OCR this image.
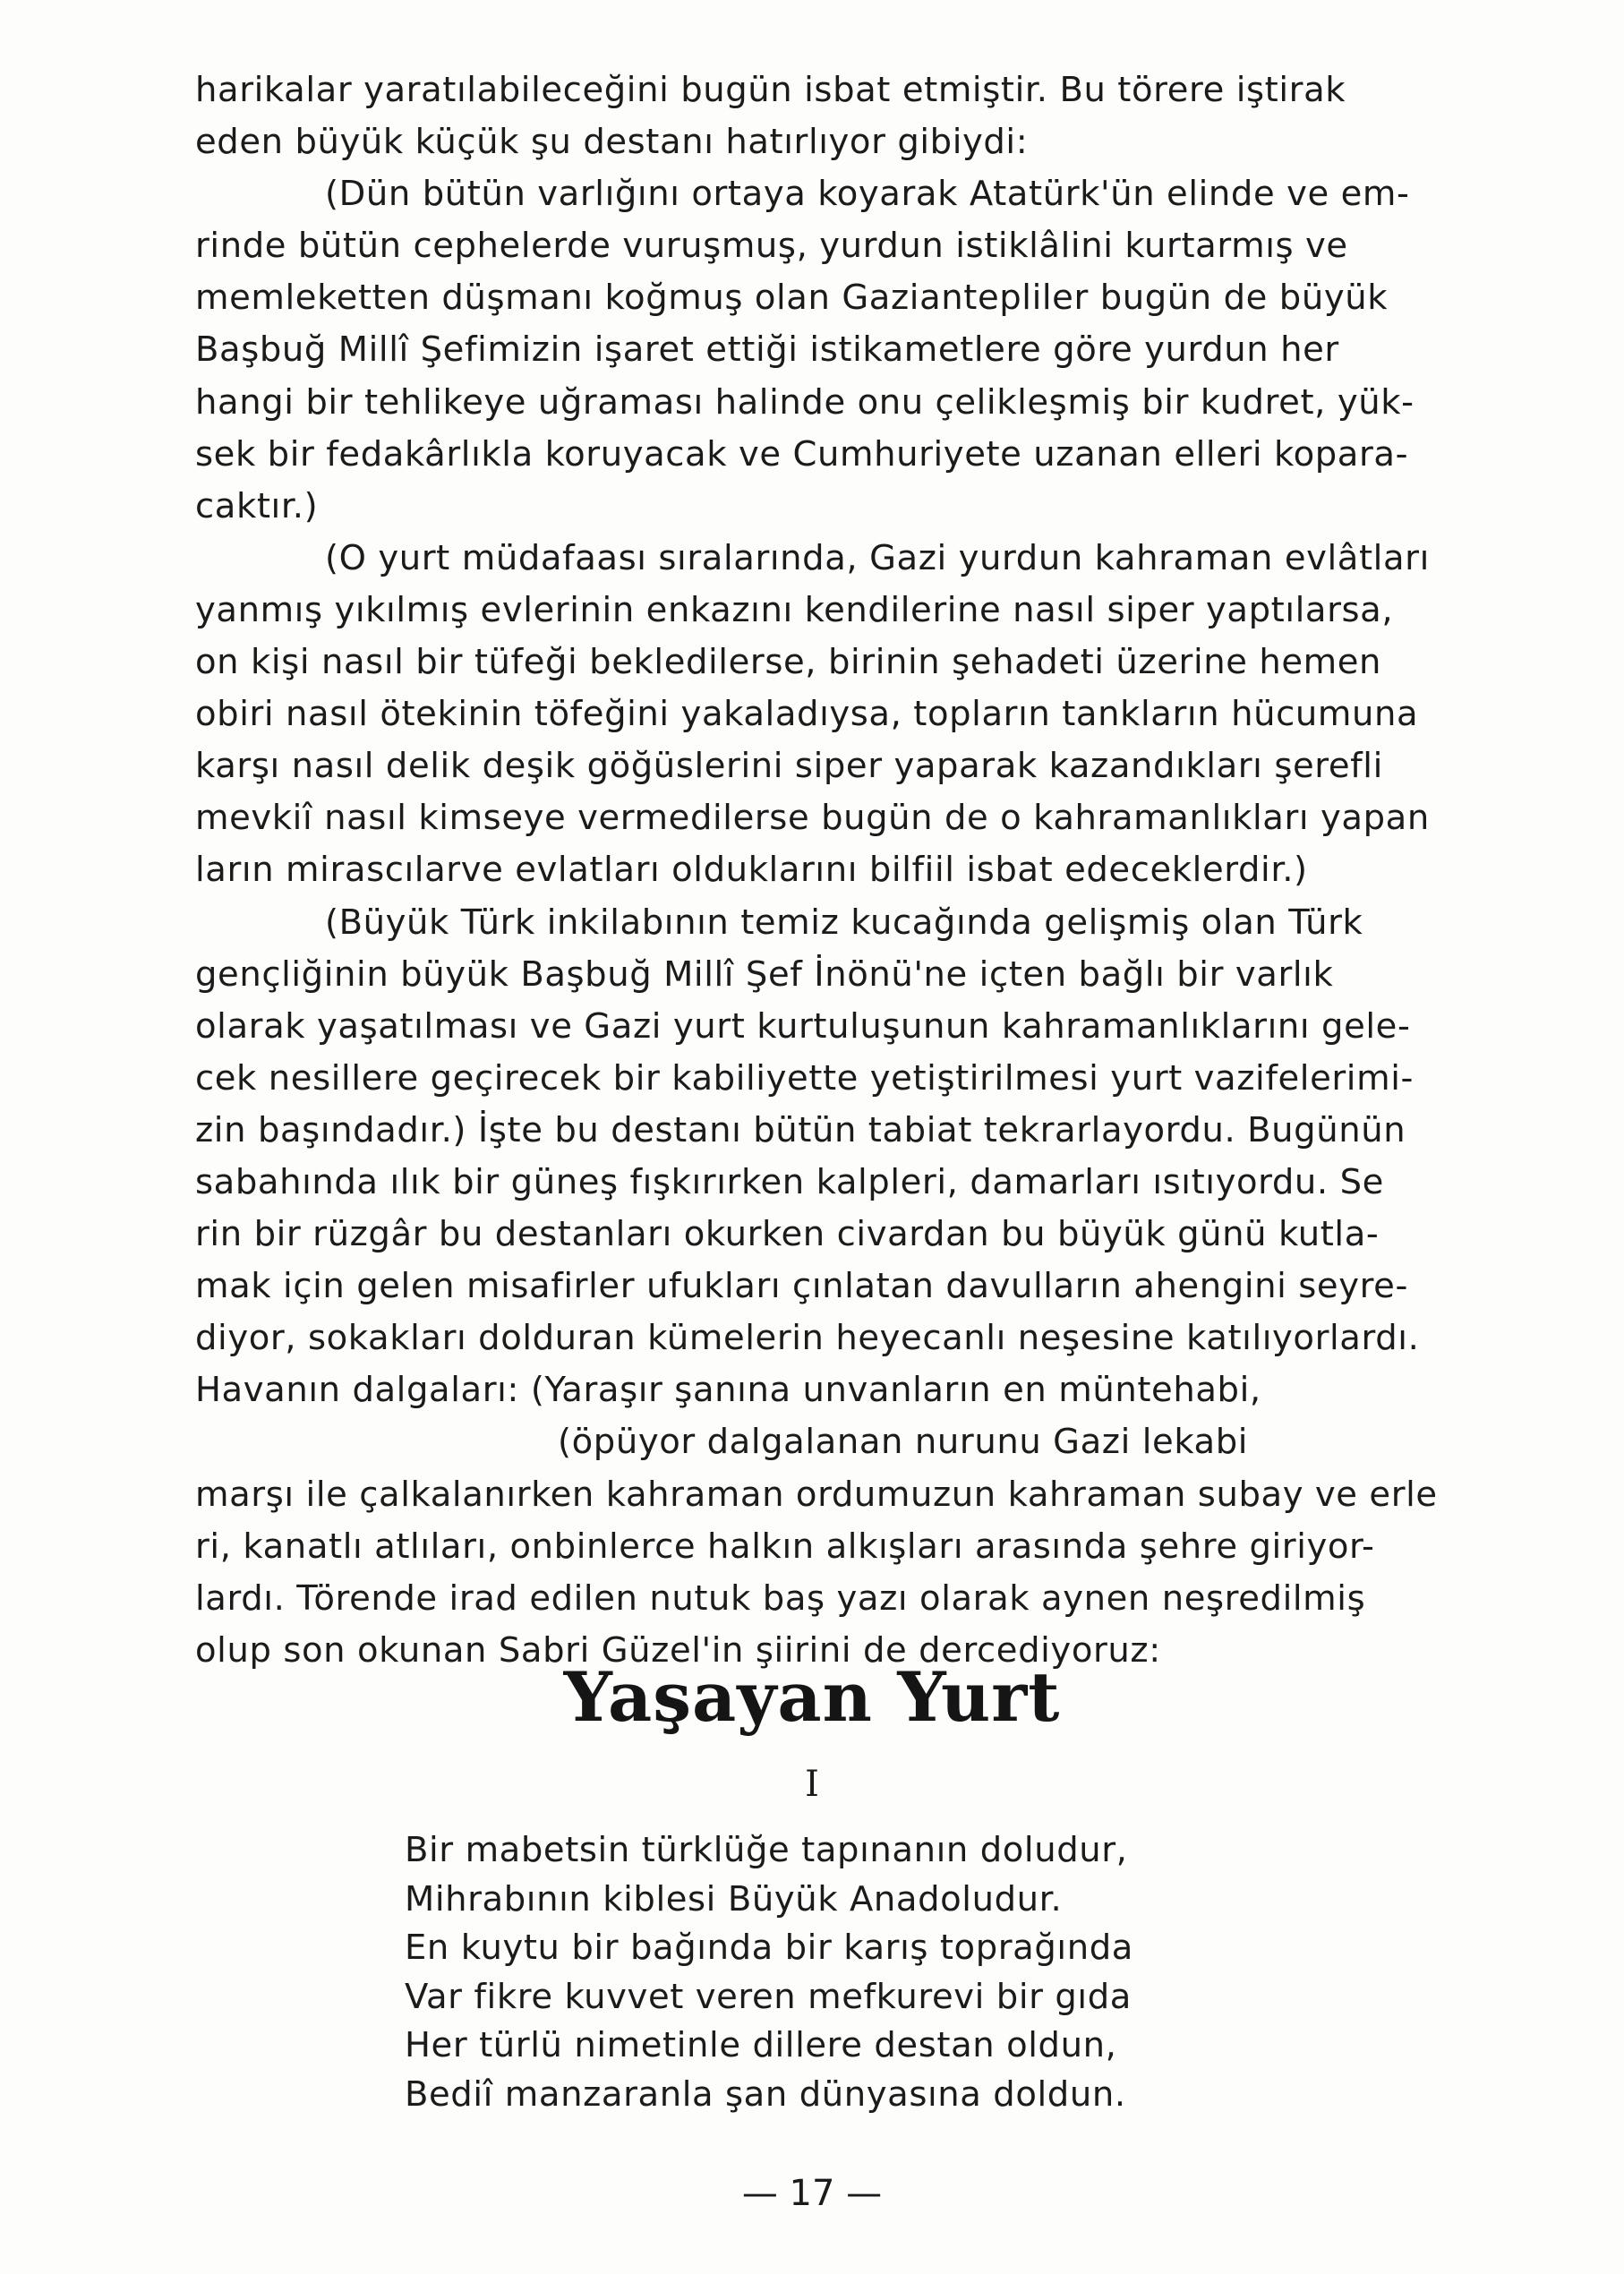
harikalar yaratılabileceğini bugün isbat etmiştir. Bu törere iştirak
eden büyük küçük şu destanı hatırlıyor gibiydi:
(Dün bütün varlığını ortaya koyarak Atatürk'ün elinde ve em-
rinde bütün cephelerde vuruşmuş, yurdun istiklâlini kurtarmış ve
memleketten düşmanı koğmuş olan Gaziantepliler bugün de büyük
Başbuğ Millî Şefimizin işaret ettiği istikametlere göre yurdun her
hangi bir tehlikeye uğraması halinde onu çelikleşmiş bir kudret, yük-
sek bir fedakârlıkla koruyacak ve Cumhuriyete uzanan elleri kopara-
caktır.)
(O yurt müdafaası sıralarında, Gazi yurdun kahraman evlâtları
yanmış yıkılmış evlerinin enkazını kendilerine nasıl siper yaptılarsa,
on kişi nasıl bir tüfeği bekledilerse, birinin şehadeti üzerine hemen
obiri nasıl ötekinin töfeğini yakaladıysa, topların tankların hücumuna
karşı nasıl delik deşik göğüslerini siper yaparak kazandıkları şerefli
mevkiî nasıl kimseye vermedilerse bugün de o kahramanlıkları yapan
ların mirascılarve evlatları olduklarını bilfiil isbat edeceklerdir.)
(Büyük Türk inkilabının temiz kucağında gelişmiş olan Türk
gençliğinin büyük Başbuğ Millî Şef İnönü'ne içten bağlı bir varlık
olarak yaşatılması ve Gazi yurt kurtuluşunun kahramanlıklarını gele-
cek nesillere geçirecek bir kabiliyette yetiştirilmesi yurt vazifelerimi-
zin başındadır.) İşte bu destanı bütün tabiat tekrarlayordu. Bugünün
sabahında ılık bir güneş fışkırırken kalpleri, damarları ısıtıyordu. Se
rin bir rüzgâr bu destanları okurken civardan bu büyük günü kutla-
mak için gelen misafirler ufukları çınlatan davulların ahengini seyre-
diyor, sokakları dolduran kümelerin heyecanlı neşesine katılıyorlardı.
Havanın dalgaları: (Yaraşır şanına unvanların en müntehabi,
(öpüyor dalgalanan nurunu Gazi lekabi
marşı ile çalkalanırken kahraman ordumuzun kahraman subay ve erle
ri, kanatlı atlıları, onbinlerce halkın alkışları arasında şehre giriyor-
lardı. Törende irad edilen nutuk baş yazı olarak aynen neşredilmiş
olup son okunan Sabri Güzel'in şiirini de dercediyoruz:
Yaşayan Yurt
I
Bir mabetsin türklüğe tapınanın doludur,
Mihrabının kiblesi Büyük Anadoludur.
En kuytu bir bağında bir karış toprağında
Var fikre kuvvet veren mefkurevi bir gıda
Her türlü nimetinle dillere destan oldun,
Bediî manzaranla şan dünyasına doldun.
— 17 —
